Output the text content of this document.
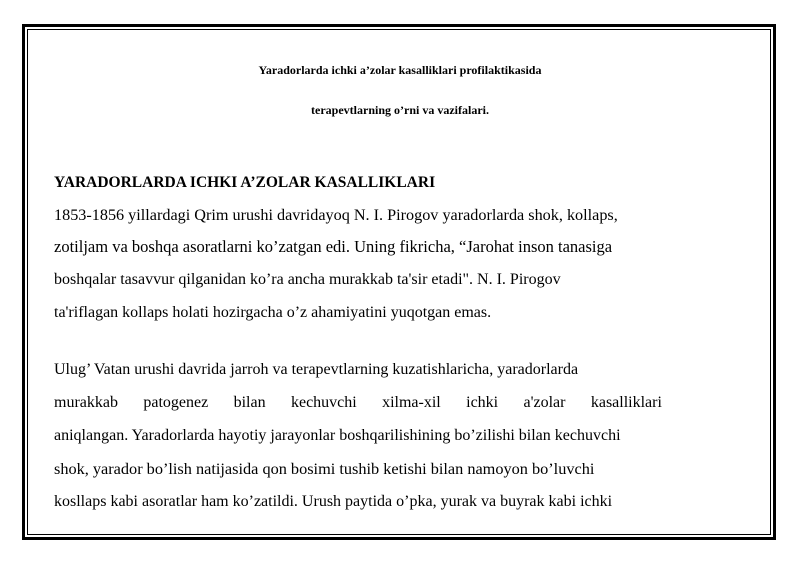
Yaradorlarda ichki a’zolar kasalliklari profilaktikasida
terapevtlarning o’rni va vazifalari.
YARADORLARDA ICHKI A’ZOLAR KASALLIKLARI

1853-1856 yillardagi Qrim urushi davridayoq N. I. Pirogov yaradorlarda shok, kollaps,

zotiljam va boshqa asoratlarni ko’zatgan edi. Uning fikricha, “Jarohat inson tanasiga

boshqalar tasavvur qilganidan ko’ra ancha murakkab ta'sir etadi". N. I. Pirogov

ta'riflagan kollaps holati hozirgacha o’z ahamiyatini yuqotgan emas.

Ulug’ Vatan urushi davrida jarroh va terapevtlarning kuzatishlaricha, yaradorlarda

murakkab patogenez bilan kechuvchi xilma-xil ichki a'zolar kasalliklari

aniqlangan. Yaradorlarda hayotiy jarayonlar boshqarilishining bo’zilishi bilan kechuvchi

shok, yarador bo’lish natijasida qon bosimi tushib ketishi bilan namoyon bo’luvchi

kosllaps kabi asoratlar ham ko’zatildi. Urush paytida o’pka, yurak va buyrak kabi ichki
